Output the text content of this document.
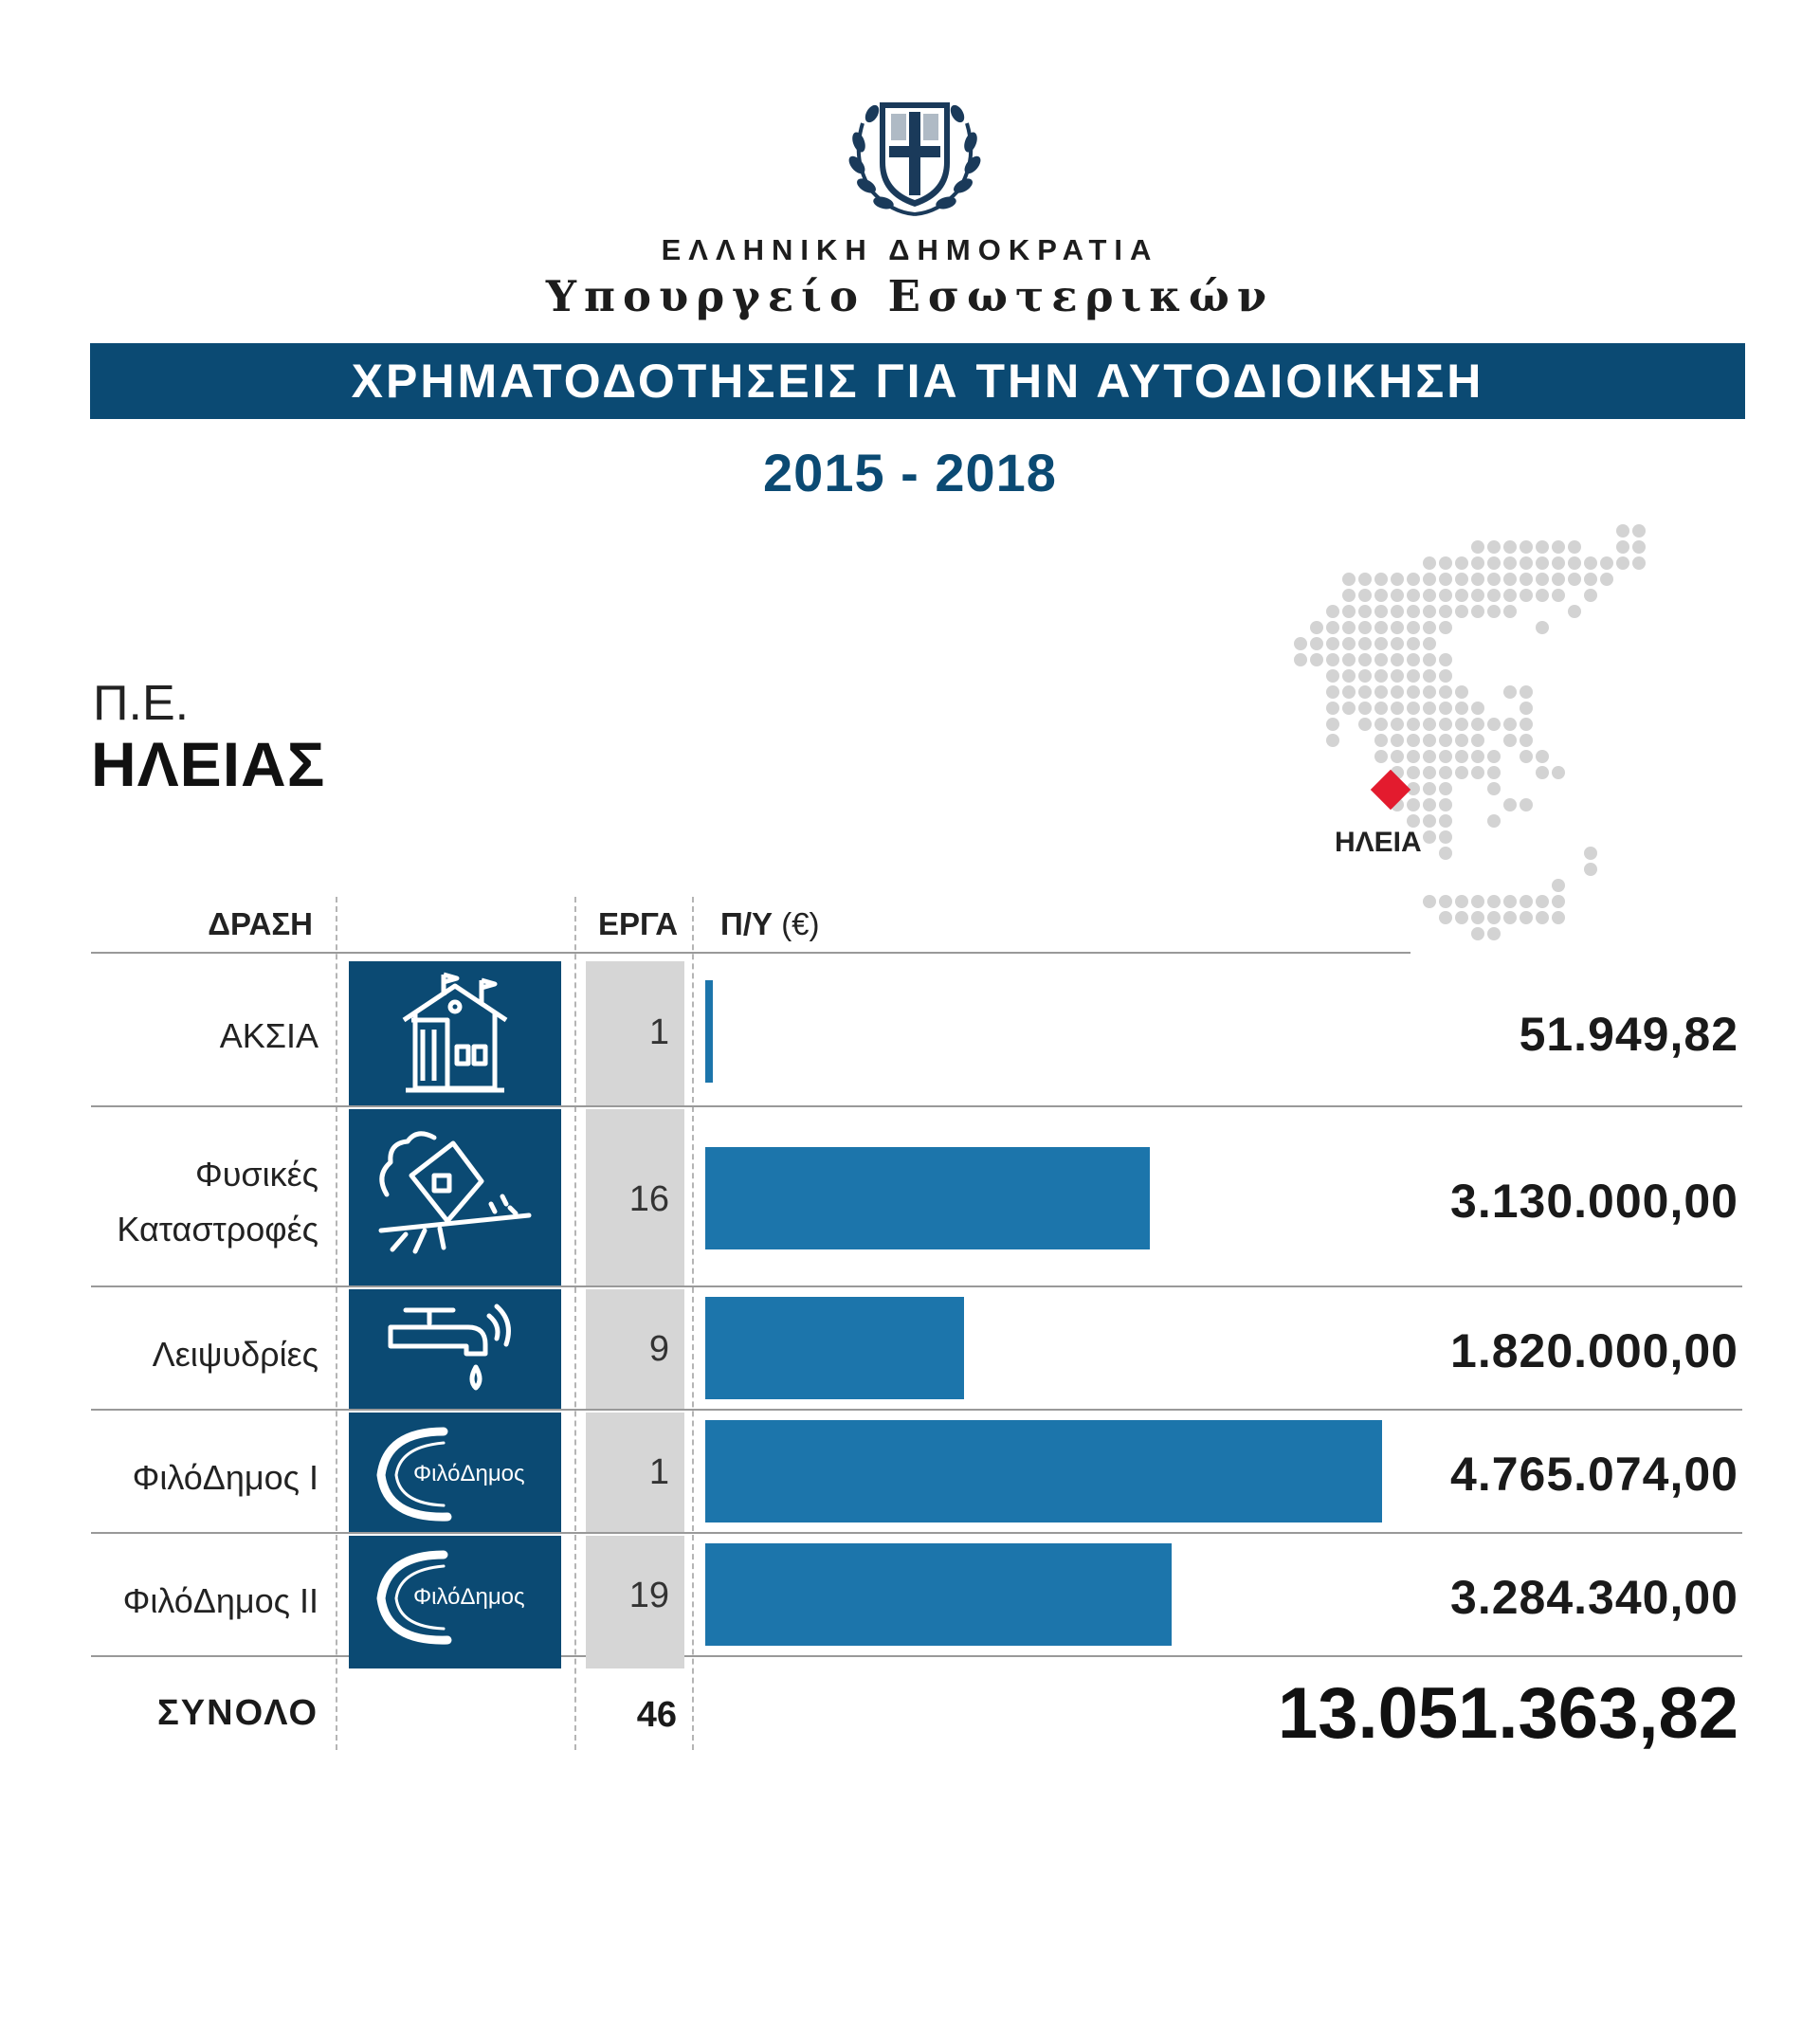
ΕΛΛΗΝΙΚΗ ΔΗΜΟΚΡΑΤΙΑ
Υπουργείο Εσωτερικών
ΧΡΗΜΑΤΟΔΟΤΗΣΕΙΣ ΓΙΑ ΤΗΝ ΑΥΤΟΔΙΟΙΚΗΣΗ
2015 - 2018
Π.Ε.
ΗΛΕΙΑΣ
ΗΛΕΙΑ
ΔΡΑΣΗ	ΕΡΓΑ	Π/Υ (€)
ΑΚΣΙΑ	1	51.949,82
Φυσικές
Καταστροφές
16	3.130.000,00
Λειψυδρίες	9	1.820.000,00
ΦιλόΔημος I	ΦιλόΔημος	1	4.765.074,00
ΦιλόΔημος II	ΦιλόΔημος	19	3.284.340,00
ΣΥΝΟΛΟ	46	13.051.363,82
